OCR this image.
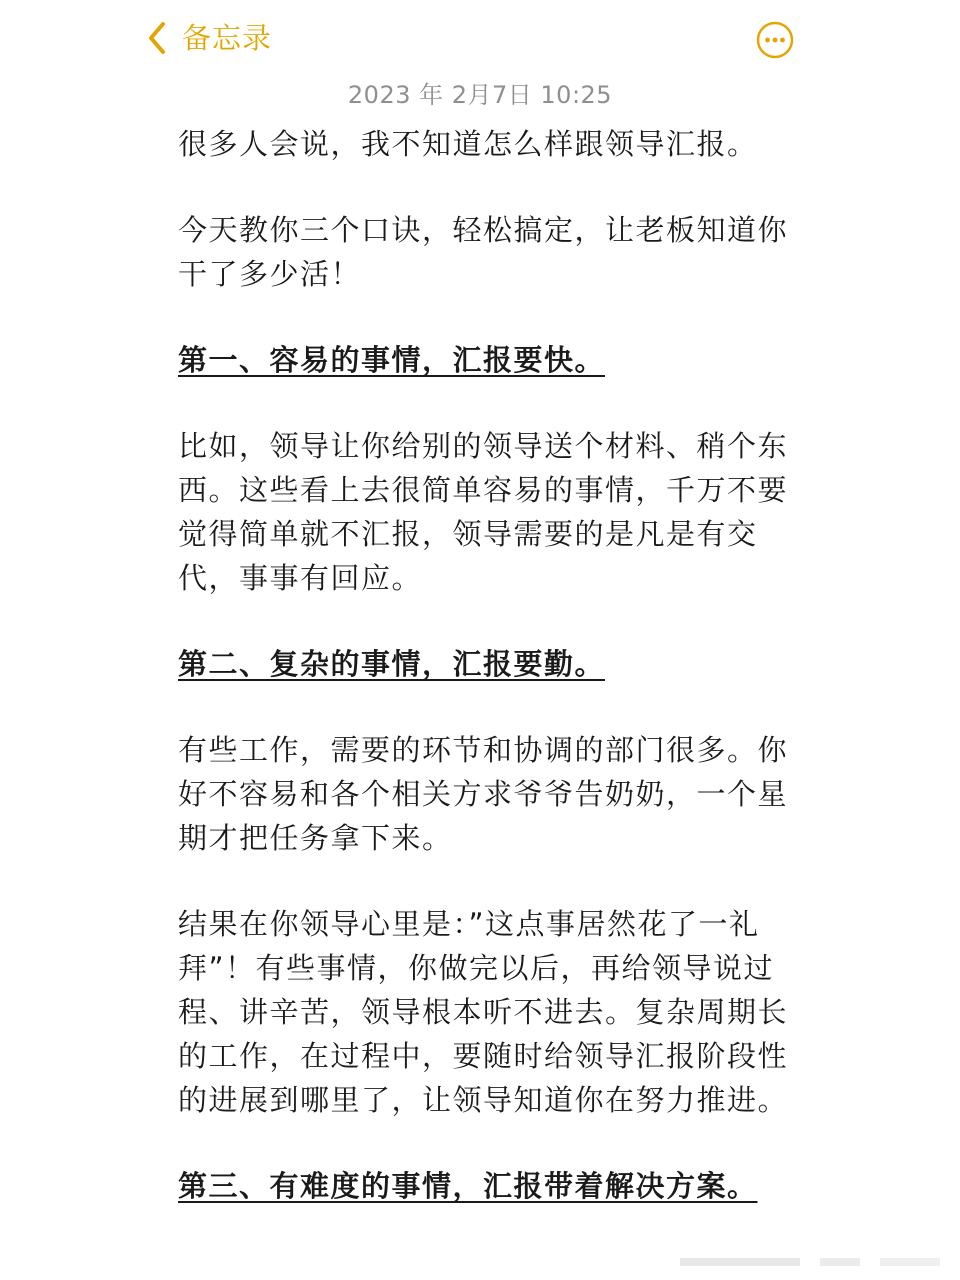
备忘录
2023 年 2月7日 10:25

很多人会说，我不知道怎么样跟领导汇报。

今天教你三个口诀，轻松搞定，让老板知道你干了多少活！

第一、容易的事情，汇报要快。

比如，领导让你给别的领导送个材料、稍个东西。这些看上去很简单容易的事情，千万不要觉得简单就不汇报，领导需要的是凡是有交代，事事有回应。

第二、复杂的事情，汇报要勤。

有些工作，需要的环节和协调的部门很多。你好不容易和各个相关方求爷爷告奶奶，一个星期才把任务拿下来。

结果在你领导心里是：”这点事居然花了一礼拜”！有些事情，你做完以后，再给领导说过程、讲辛苦，领导根本听不进去。复杂周期长的工作，在过程中，要随时给领导汇报阶段性的进展到哪里了，让领导知道你在努力推进。

第三、有难度的事情，汇报带着解决方案。
